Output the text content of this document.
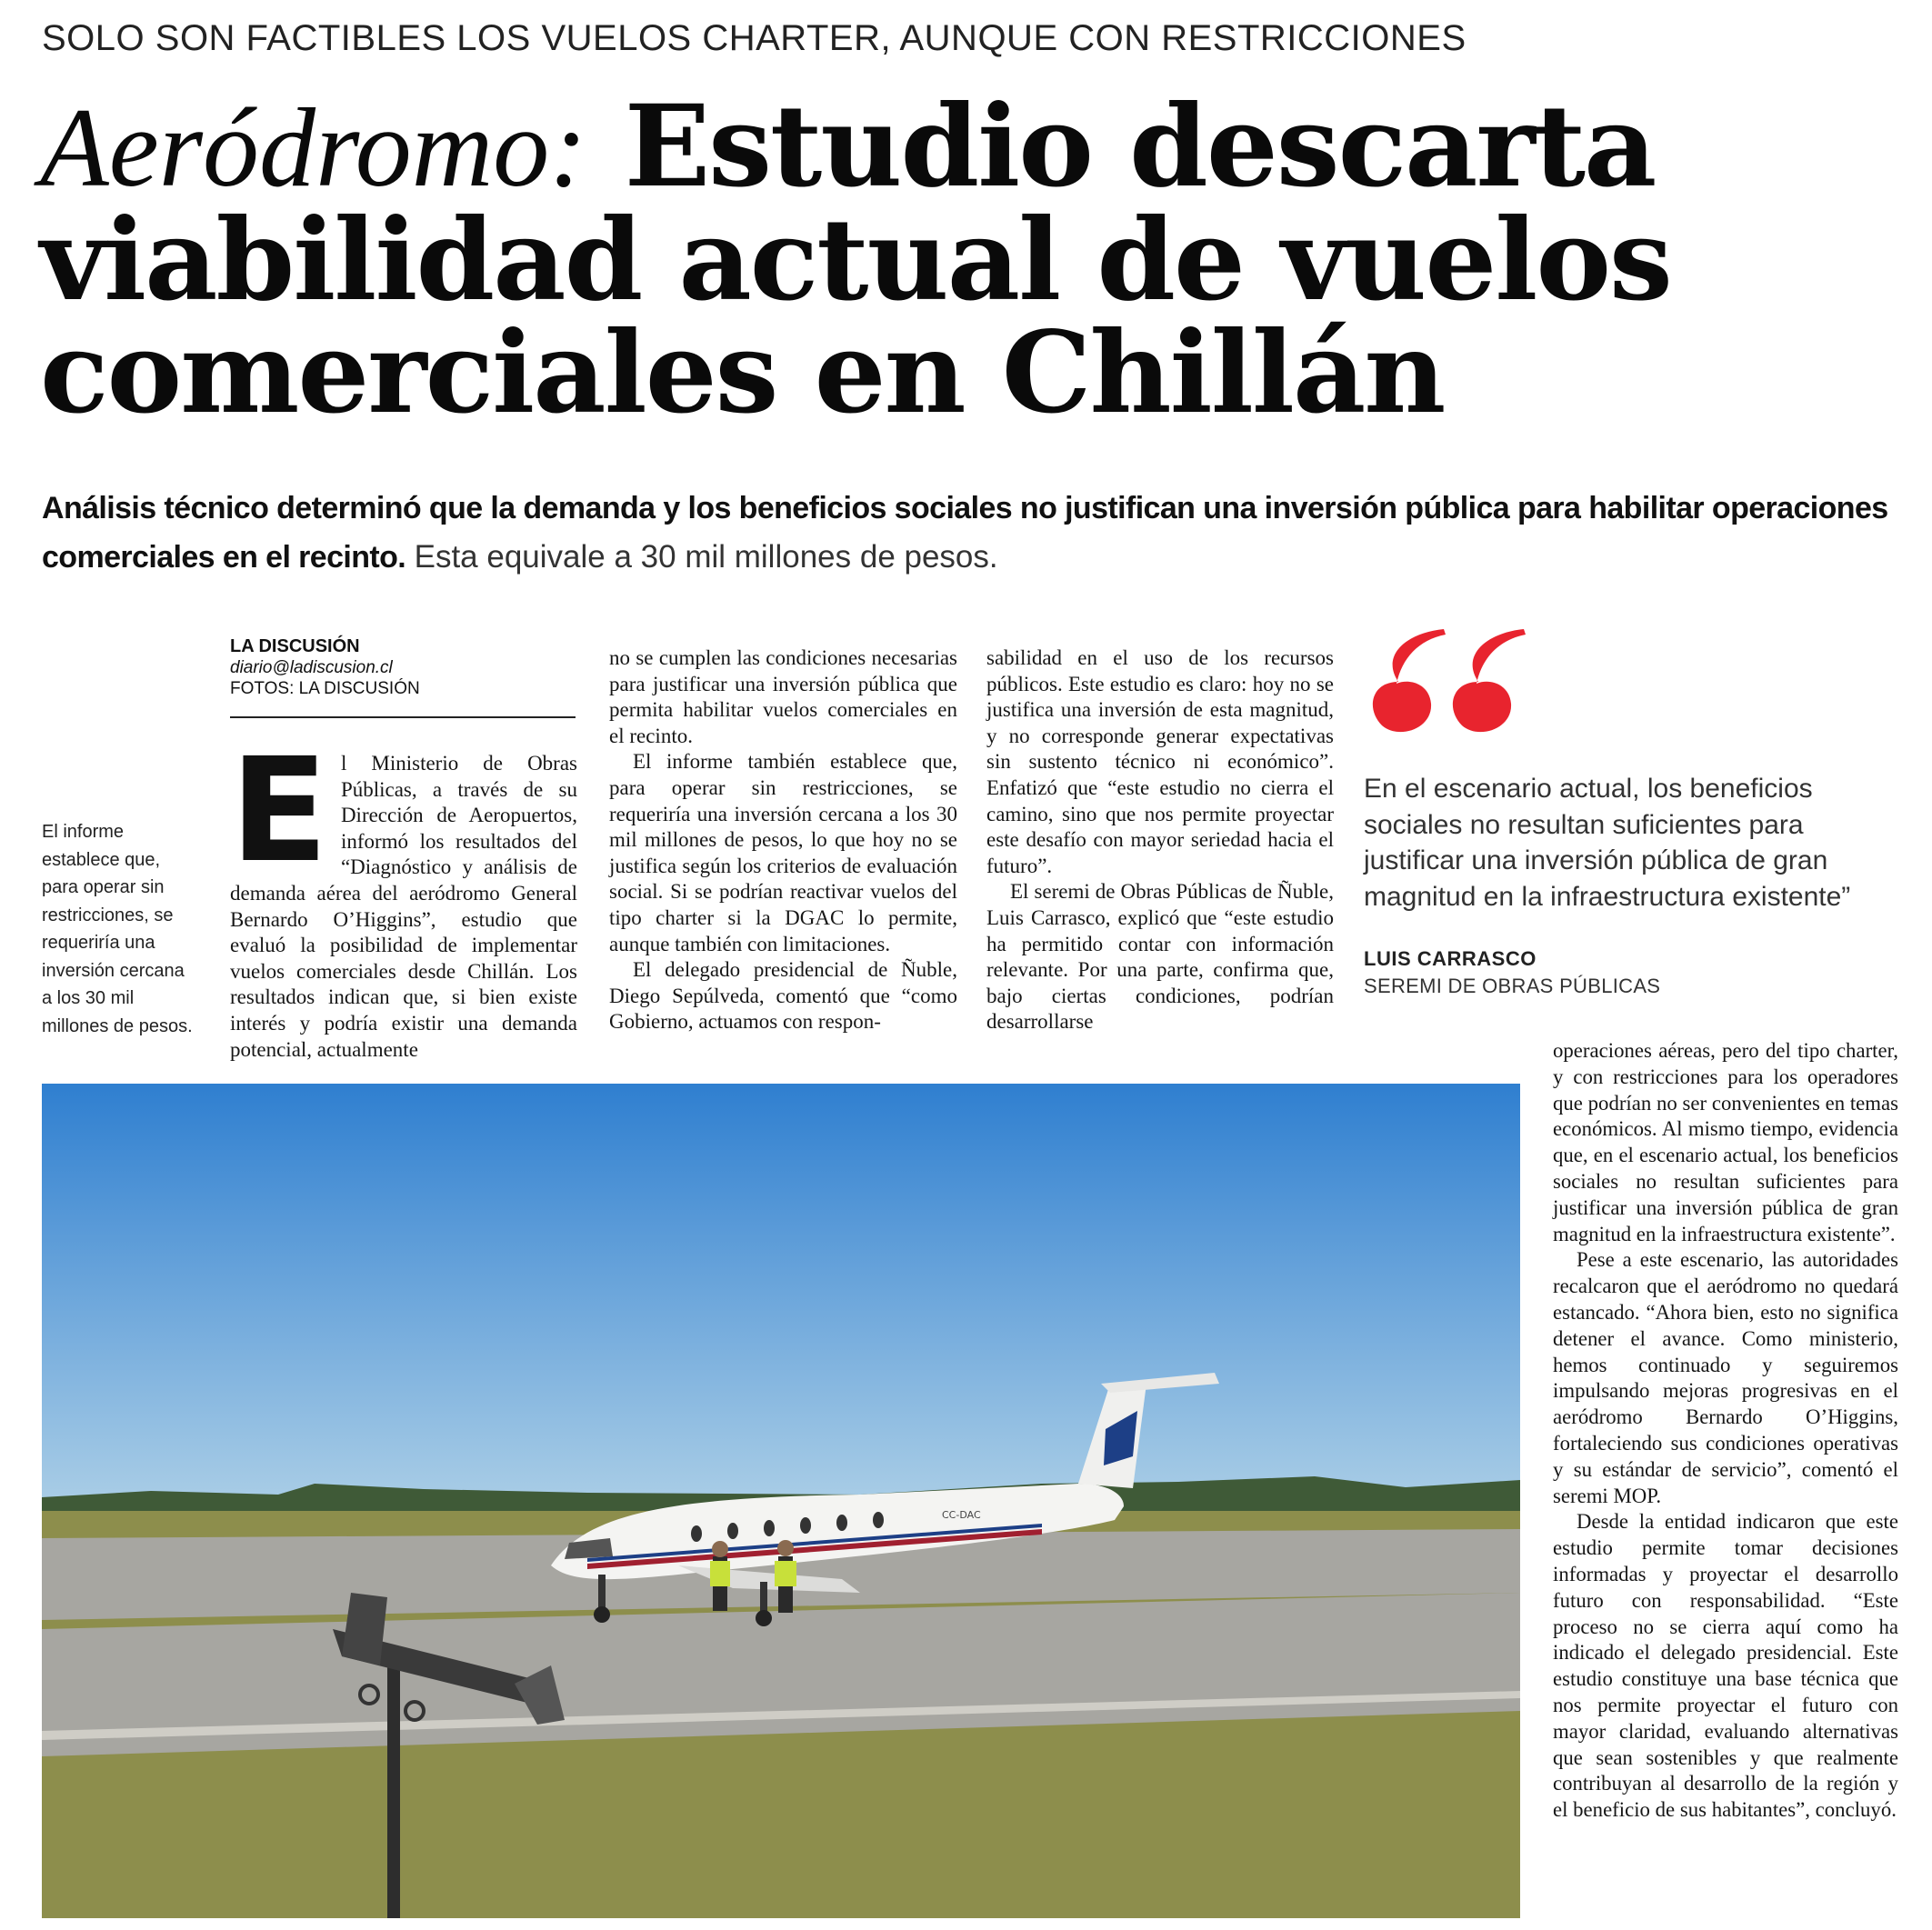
SOLO SON FACTIBLES LOS VUELOS CHARTER, AUNQUE CON RESTRICCIONES
Aeródromo: Estudio descarta
viabilidad actual de vuelos
comerciales en Chillán
Análisis técnico determinó que la demanda y los beneficios sociales no justifican una inversión pública para habilitar operaciones comerciales en el recinto. Esta equivale a 30 mil millones de pesos.
LA DISCUSIÓN
diario@ladiscusion.cl
FOTOS: LA DISCUSIÓN
El informe establece que, para operar sin restricciones, se requeriría una inversión cercana a los 30 mil millones de pesos.
E l Ministerio de Obras Públicas, a través de su Dirección de Aeropuertos, informó los resultados del “Diagnóstico y análisis de demanda aérea del aeródromo General Bernardo O’Higgins”, estudio que evaluó la posibilidad de implementar vuelos comerciales desde Chillán. Los resultados indican que, si bien existe interés y podría existir una demanda potencial, actualmente

no se cumplen las condiciones necesarias para justificar una inversión pública que permita habilitar vuelos comerciales en el recinto.

El informe también establece que, para operar sin restricciones, se requeriría una inversión cercana a los 30 mil millones de pesos, lo que hoy no se justifica según los criterios de evaluación social. Si se podrían reactivar vuelos del tipo charter si la DGAC lo permite, aunque también con limitaciones.

El delegado presidencial de Ñuble, Diego Sepúlveda, comentó que “como Gobierno, actuamos con respon-

sabilidad en el uso de los recursos públicos. Este estudio es claro: hoy no se justifica una inversión de esta magnitud, y no corresponde generar expectativas sin sustento técnico ni económico”. Enfatizó que “este estudio no cierra el camino, sino que nos permite proyectar este desafío con mayor seriedad hacia el futuro”.

El seremi de Obras Públicas de Ñuble, Luis Carrasco, explicó que “este estudio ha permitido contar con información relevante. Por una parte, confirma que, bajo ciertas condiciones, podrían desarrollarse

En el escenario actual, los beneficios sociales no resultan suficientes para justificar una inversión pública de gran magnitud en la infraestructura existente”
LUIS CARRASCO
SEREMI DE OBRAS PÚBLICAS
CC-DAC

operaciones aéreas, pero del tipo charter, y con restricciones para los operadores que podrían no ser convenientes en temas económicos. Al mismo tiempo, evidencia que, en el escenario actual, los beneficios sociales no resultan suficientes para justificar una inversión pública de gran magnitud en la infraestructura existente”.

Pese a este escenario, las autoridades recalcaron que el aeródromo no quedará estancado. “Ahora bien, esto no significa detener el avance. Como ministerio, hemos continuado y seguiremos impulsando mejoras progresivas en el aeródromo Bernardo O’Higgins, fortaleciendo sus condiciones operativas y su estándar de servicio”, comentó el seremi MOP.

Desde la entidad indicaron que este estudio permite tomar decisiones informadas y proyectar el desarrollo futuro con responsabilidad. “Este proceso no se cierra aquí como ha indicado el delegado presidencial. Este estudio constituye una base técnica que nos permite proyectar el futuro con mayor claridad, evaluando alternativas que sean sostenibles y que realmente contribuyan al desarrollo de la región y el beneficio de sus habitantes”, concluyó.
